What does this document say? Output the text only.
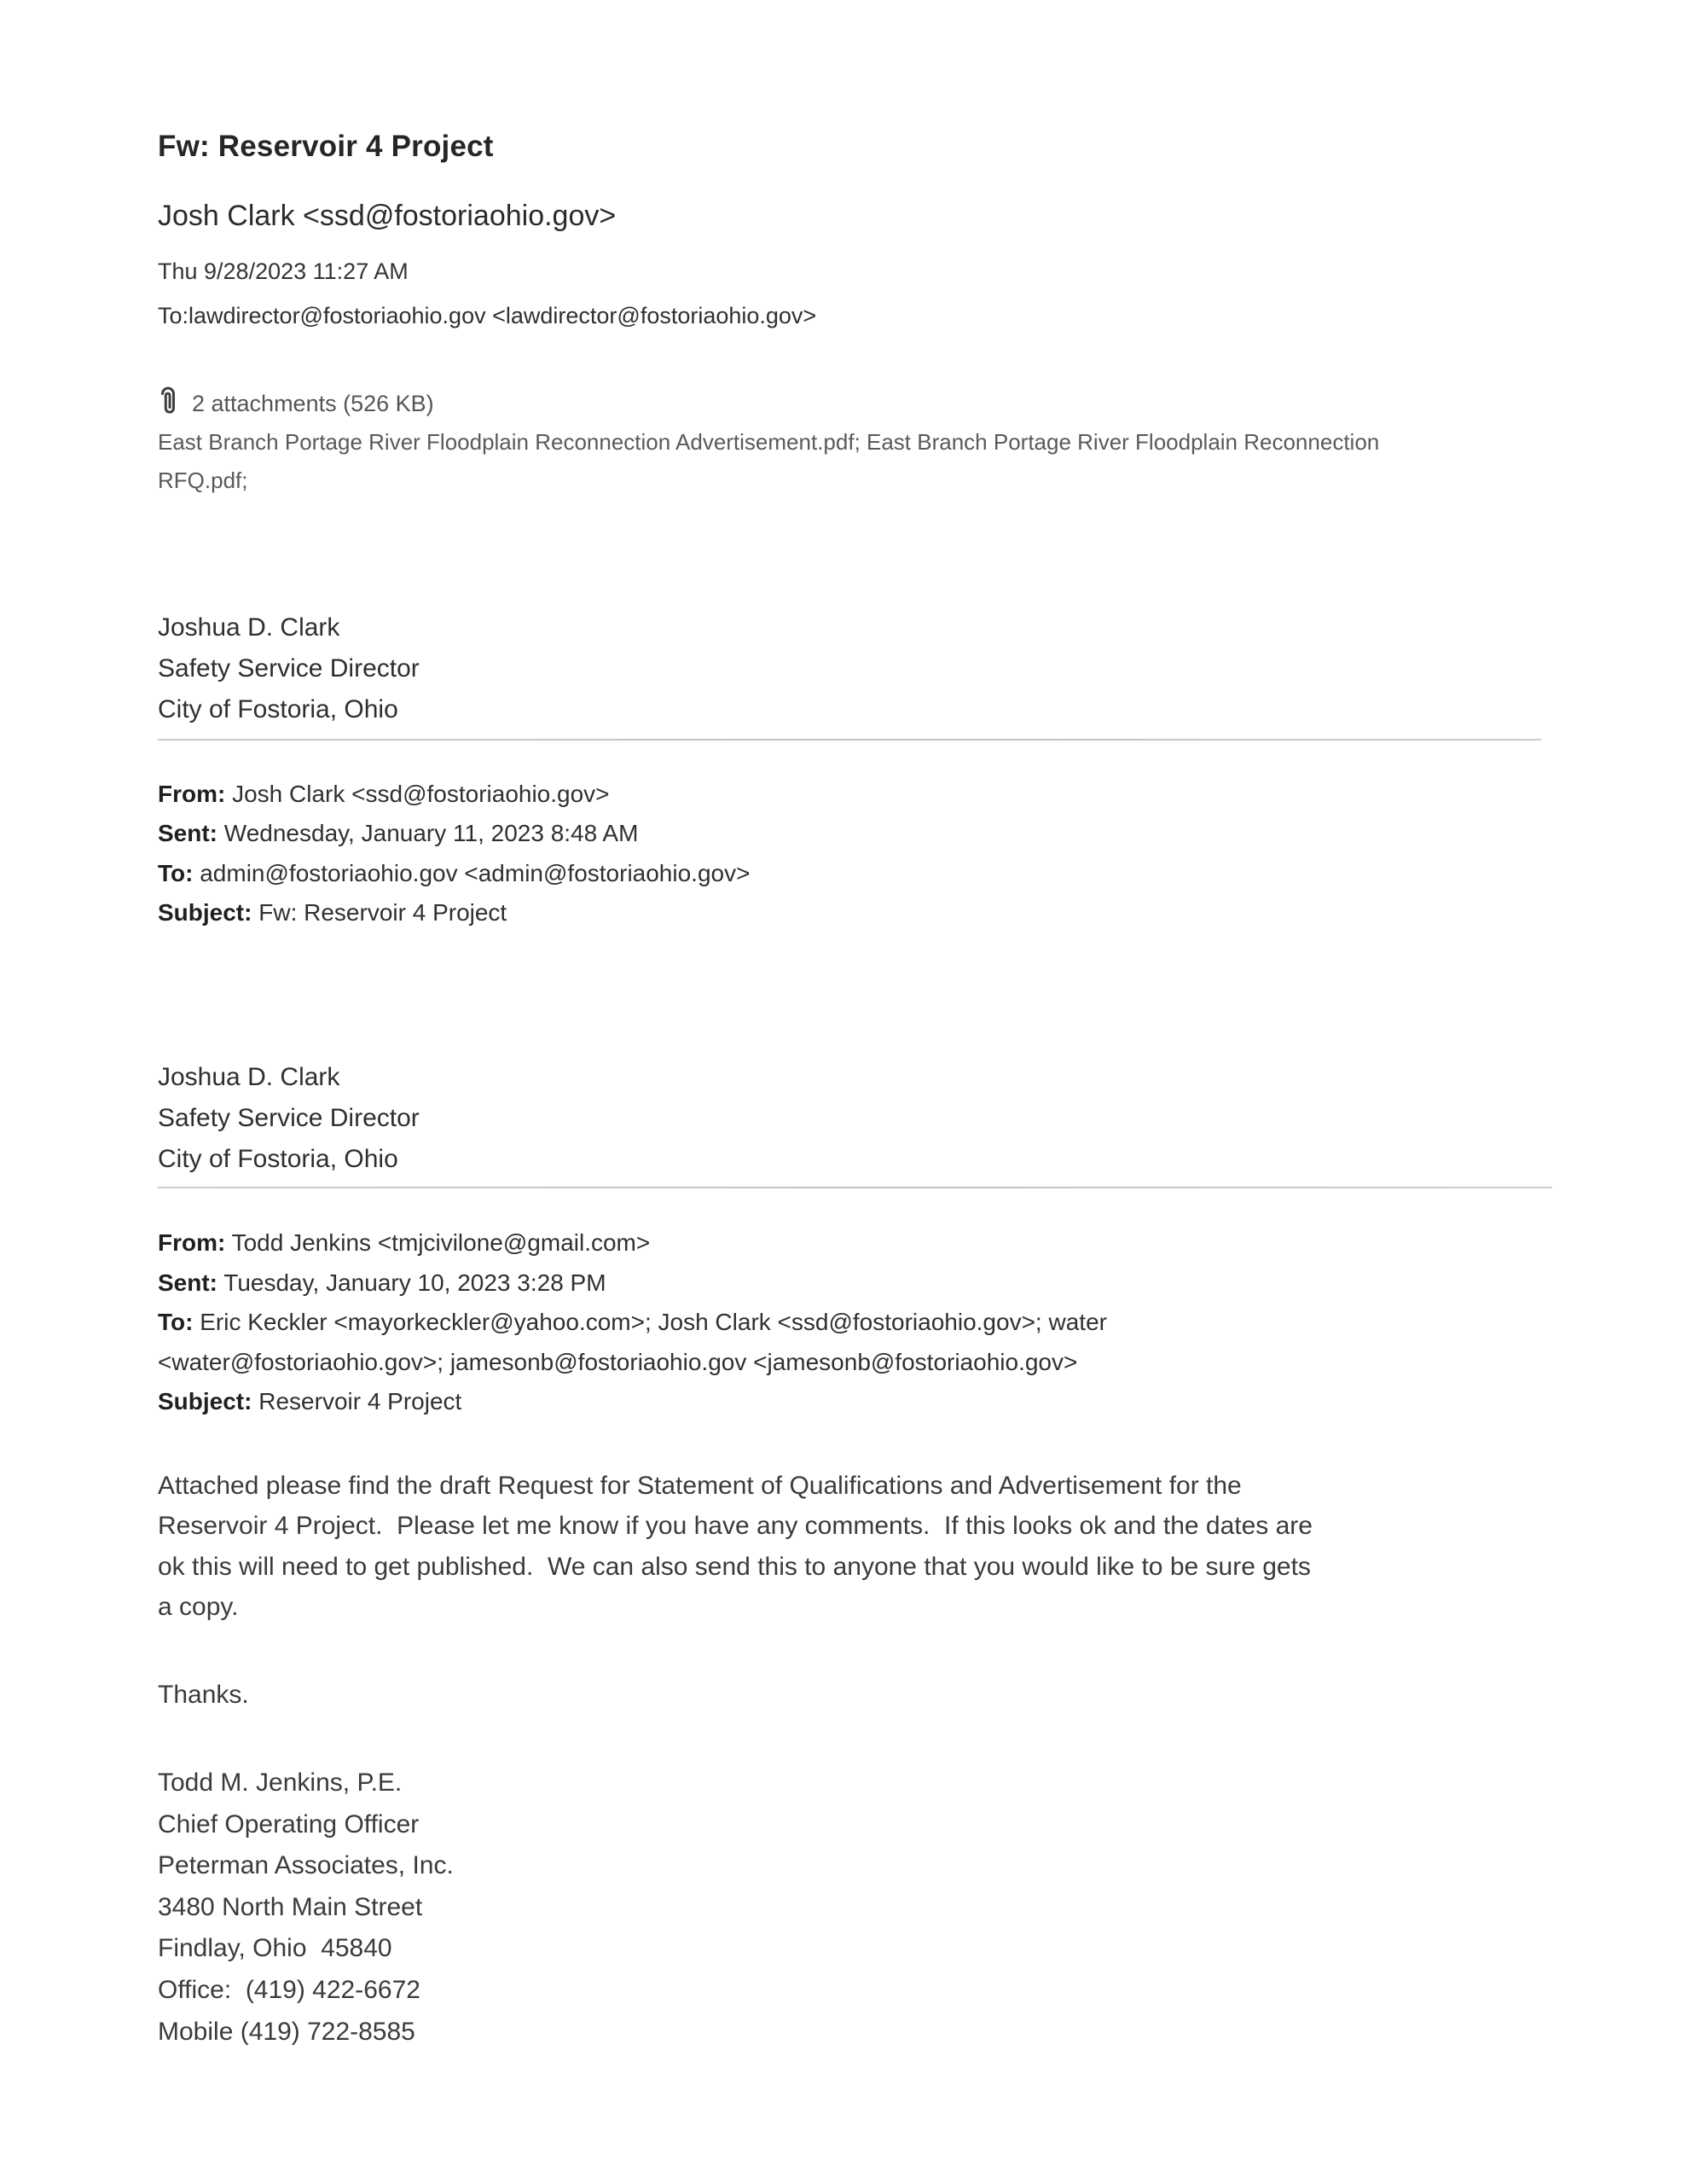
Fw: Reservoir 4 Project
Josh Clark <ssd@fostoriaohio.gov>
Thu 9/28/2023 11:27 AM
To:lawdirector@fostoriaohio.gov <lawdirector@fostoriaohio.gov>
2 attachments (526 KB)
East Branch Portage River Floodplain Reconnection Advertisement.pdf; East Branch Portage River Floodplain Reconnection
RFQ.pdf;
Joshua D. Clark
Safety Service Director
City of Fostoria, Ohio
From: Josh Clark <ssd@fostoriaohio.gov>
Sent: Wednesday, January 11, 2023 8:48 AM
To: admin@fostoriaohio.gov <admin@fostoriaohio.gov>
Subject: Fw: Reservoir 4 Project
Joshua D. Clark
Safety Service Director
City of Fostoria, Ohio
From: Todd Jenkins <tmjcivilone@gmail.com>
Sent: Tuesday, January 10, 2023 3:28 PM
To: Eric Keckler <mayorkeckler@yahoo.com>; Josh Clark <ssd@fostoriaohio.gov>; water
<water@fostoriaohio.gov>; jamesonb@fostoriaohio.gov <jamesonb@fostoriaohio.gov>
Subject: Reservoir 4 Project
Attached please find the draft Request for Statement of Qualifications and Advertisement for the
Reservoir 4 Project.  Please let me know if you have any comments.  If this looks ok and the dates are
ok this will need to get published.  We can also send this to anyone that you would like to be sure gets
a copy.
Thanks.
Todd M. Jenkins, P.E.
Chief Operating Officer
Peterman Associates, Inc.
3480 North Main Street
Findlay, Ohio  45840
Office:  (419) 422-6672
Mobile (419) 722-8585
